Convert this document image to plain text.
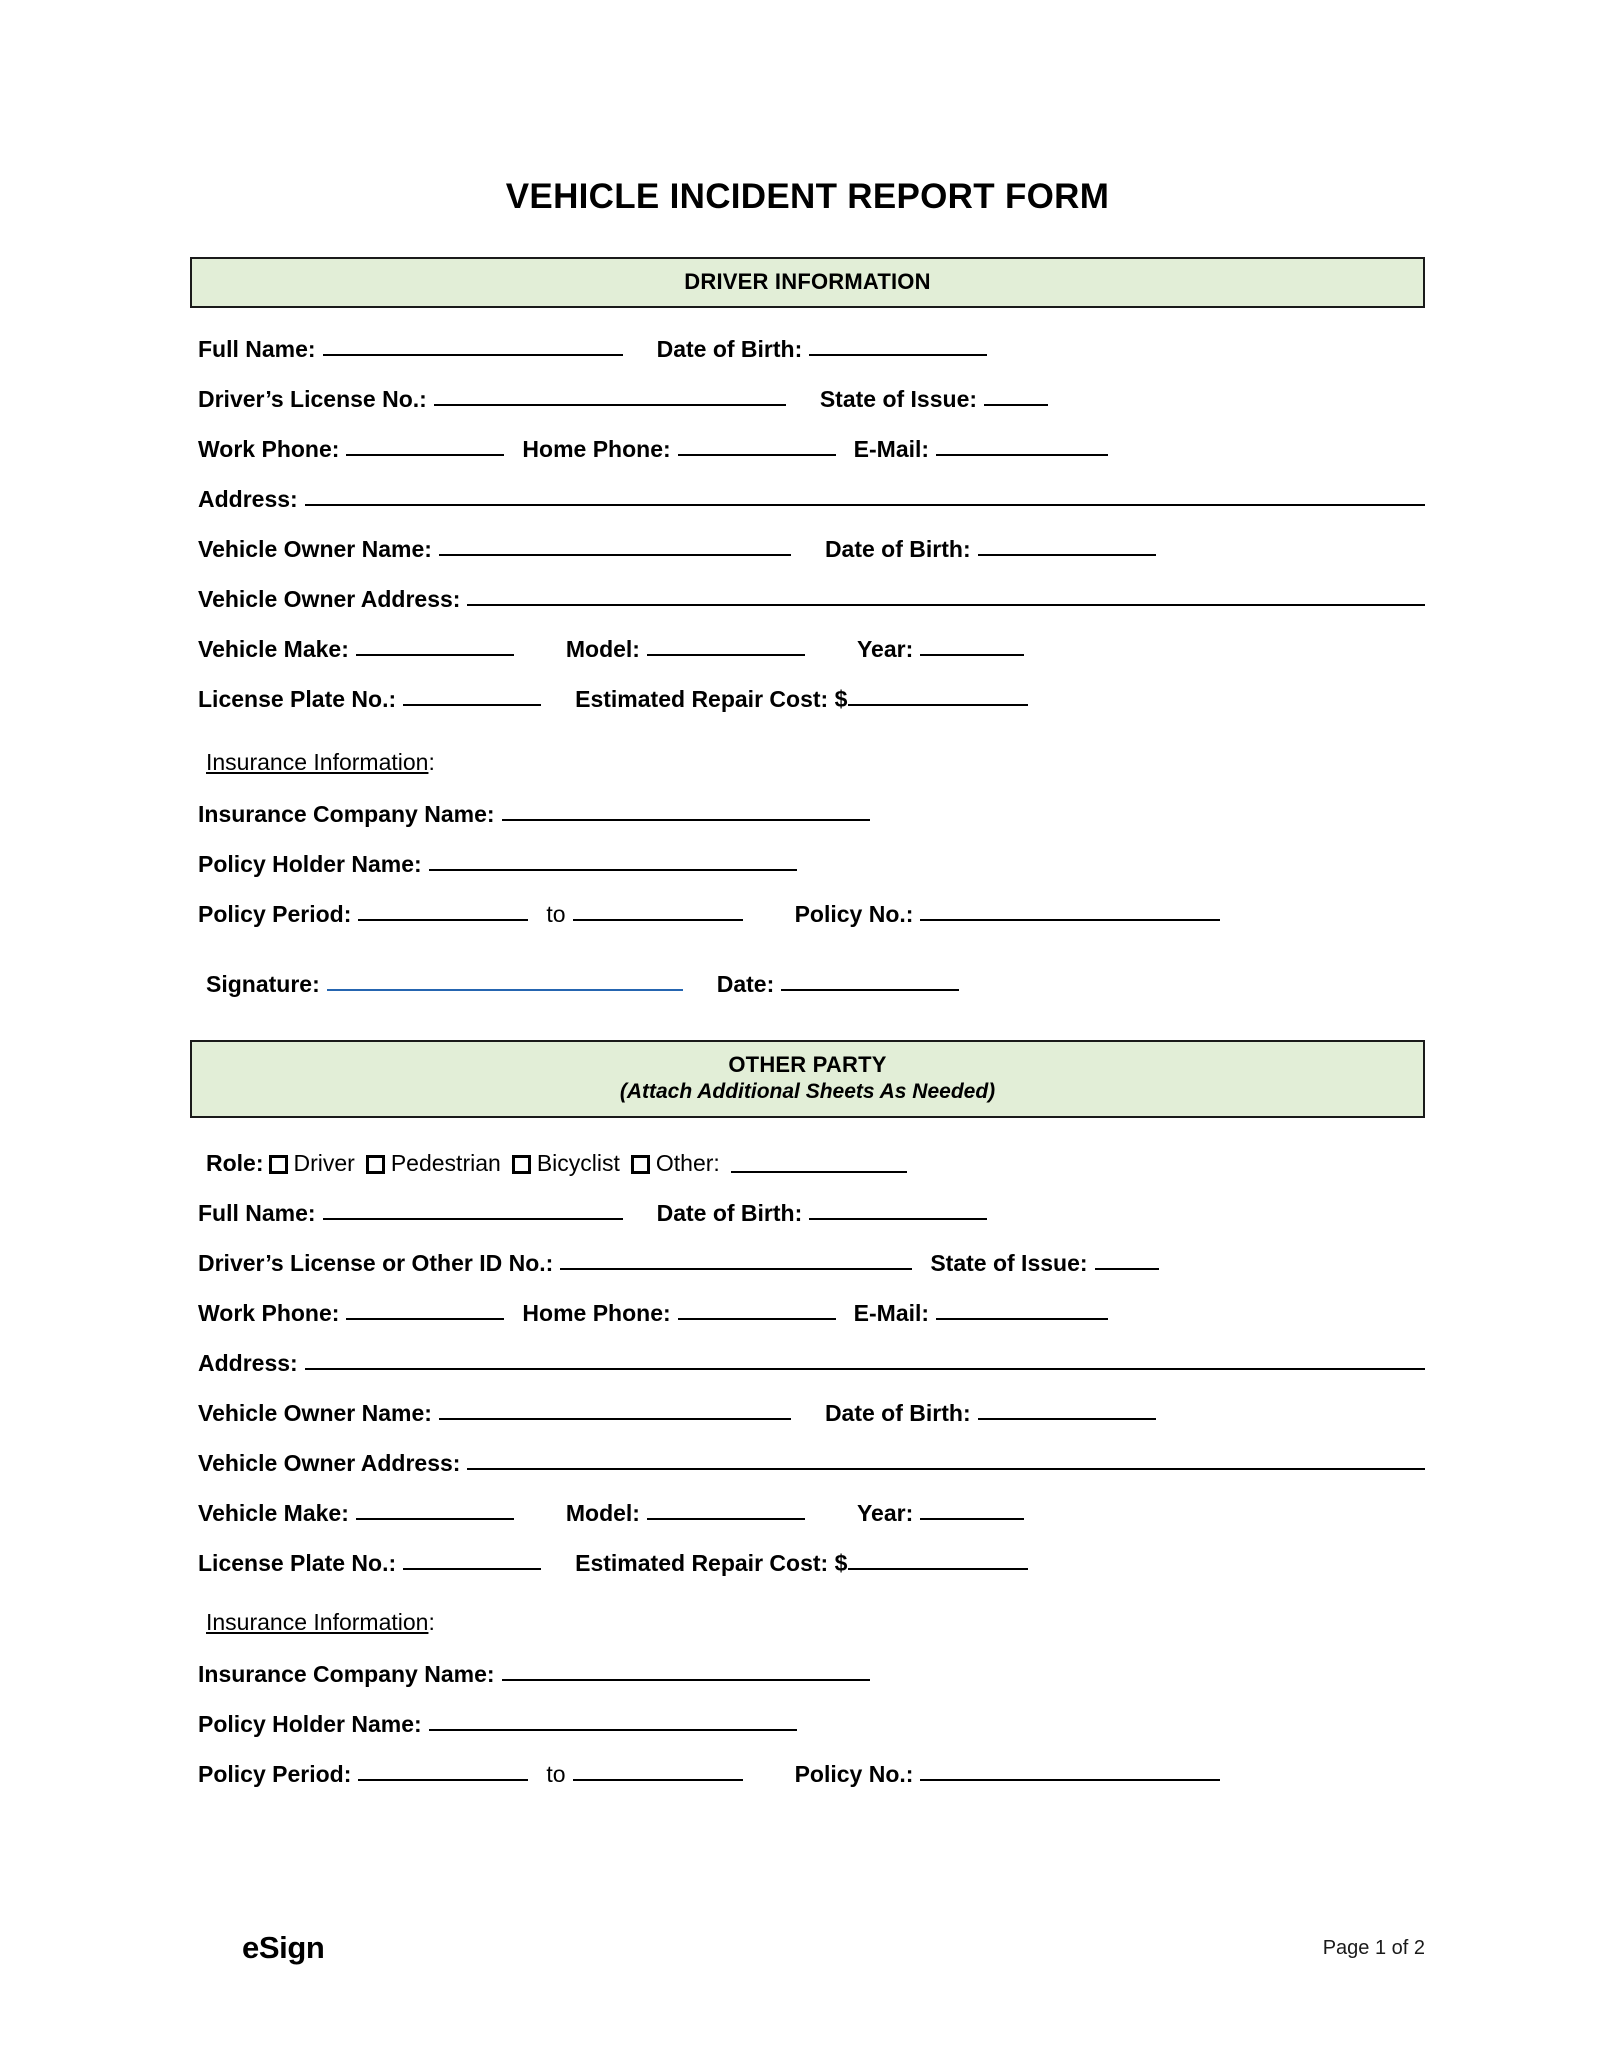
VEHICLE INCIDENT REPORT FORM
DRIVER INFORMATION
Full Name:	Date of Birth:
Driver’s License No.:	State of Issue:
Work Phone:	Home Phone:	E-Mail:
Address:
Vehicle Owner Name:	Date of Birth:
Vehicle Owner Address:
Vehicle Make:	Model:	Year:
License Plate No.:	Estimated Repair Cost: $
Insurance Information:
Insurance Company Name:
Policy Holder Name:
Policy Period:	to	Policy No.:
Signature:	Date:
OTHER PARTY
(Attach Additional Sheets As Needed)
Role: Driver Pedestrian Bicyclist Other:
Full Name:	Date of Birth:
Driver’s License or Other ID No.:	State of Issue:
Work Phone:	Home Phone:	E-Mail:
Address:
Vehicle Owner Name:	Date of Birth:
Vehicle Owner Address:
Vehicle Make:	Model:	Year:
License Plate No.:	Estimated Repair Cost: $
Insurance Information:
Insurance Company Name:
Policy Holder Name:
Policy Period:	to	Policy No.:
eSign	Page 1 of 2
